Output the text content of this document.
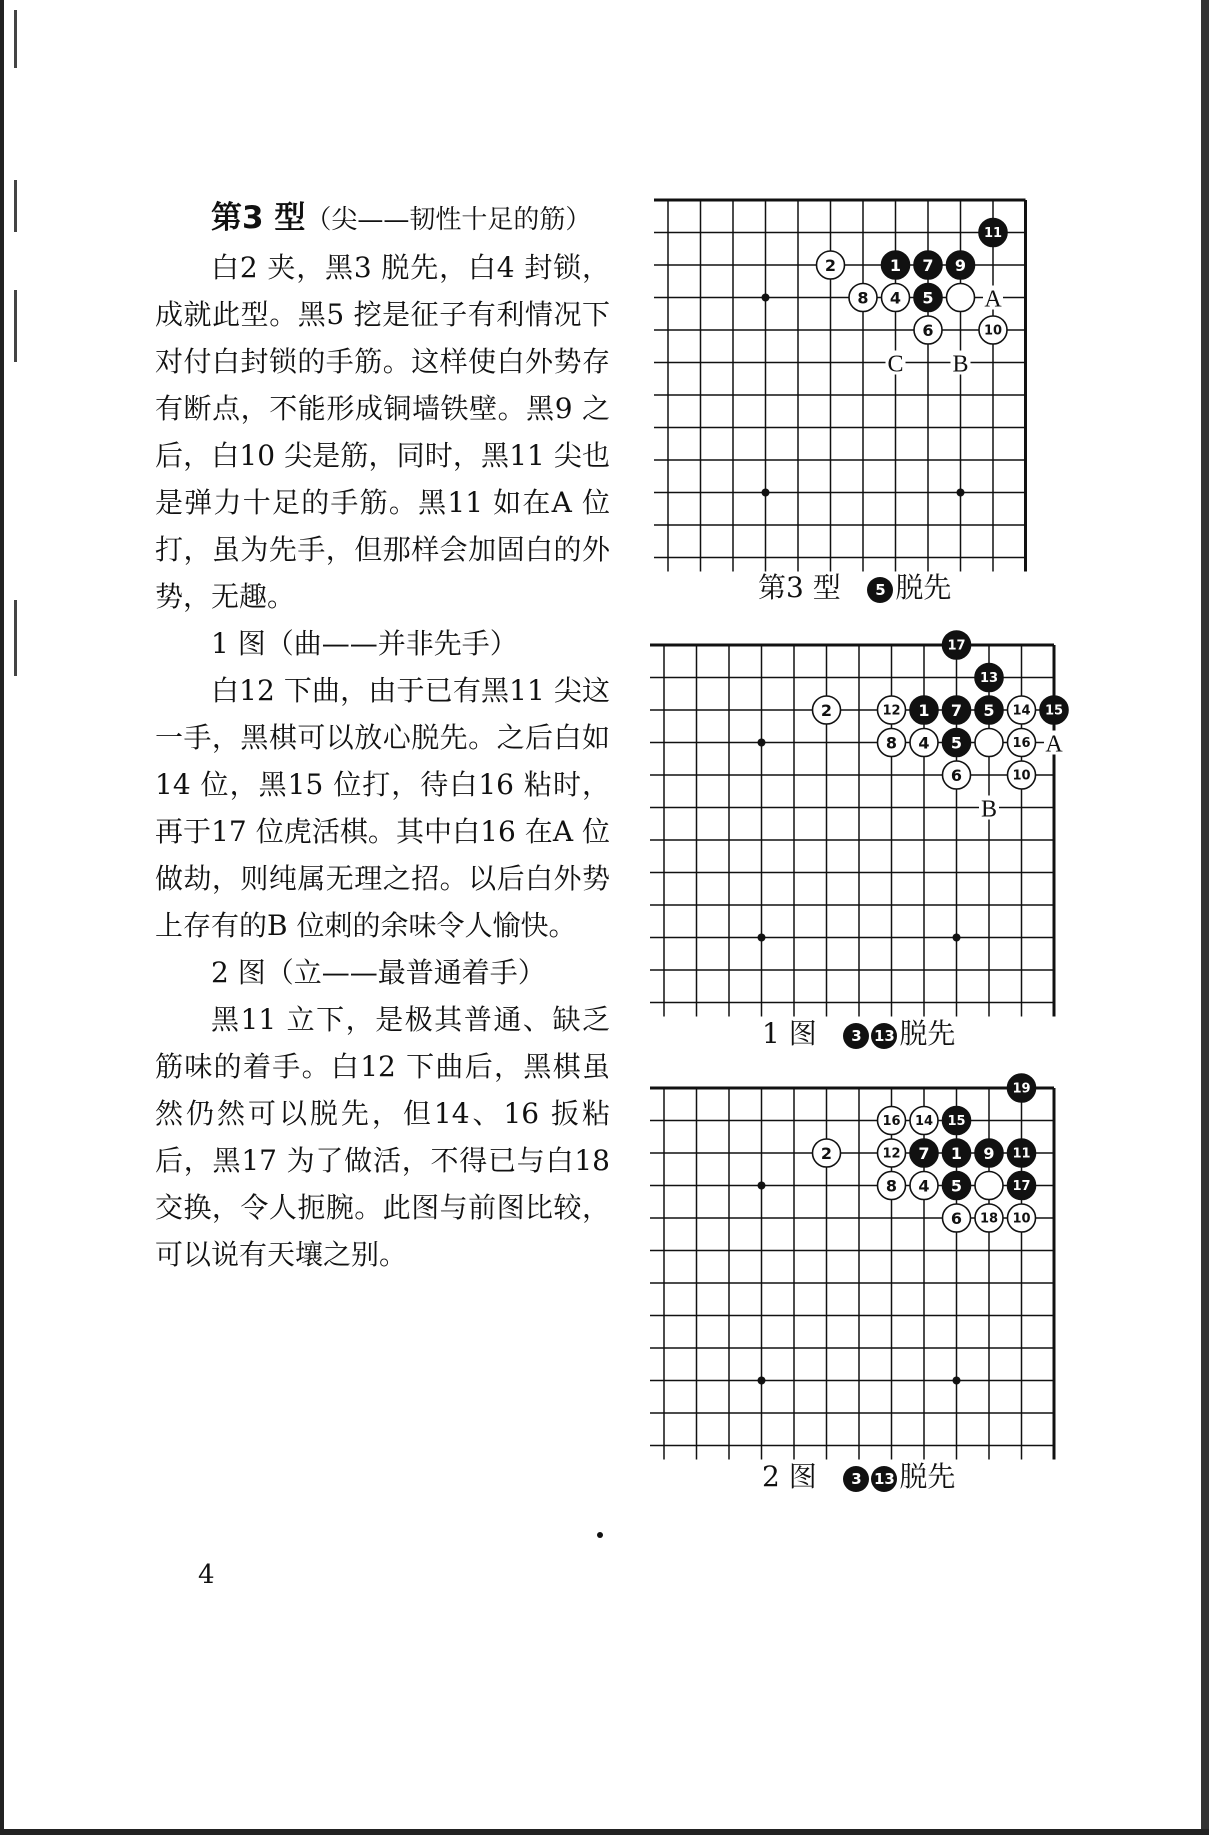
第3 型（尖——韧性十足的筋）

白2 夹，黑3 脱先，白4 封锁，成就此型。黑5 挖是征子有利情况下对付白封锁的手筋。这样使白外势存有断点，不能形成铜墙铁壁。黑9 之后，白10 尖是筋，同时，黑11 尖也是弹力十足的手筋。黑11 如在A 位打，虽为先手，但那样会加固白的外势，无趣。

1 图（曲——并非先手）

白12 下曲，由于已有黑11 尖这 一手，黑棋可以放心脱先。之后白如14 位，黑15 位打，待白16 粘时，再于17 位虎活棋。其中白16 在A 位做劫，则纯属无理之招。以后白外势上存有的B 位刺的余味令人愉快。

2 图（立——最普通着手）

黑11 立下，是极其普通、缺乏筋味的着手。白12 下曲后，黑棋虽然仍然可以脱先，但14、16 扳粘后，黑17 为了做活，不得已与白18 交换，令人扼腕。此图与前图比较，可以说有天壤之别。

4
A
C B
11
2	1 7 9
8 4 5
6	10
第3 型 5 脱先
A
B
17
13
2	12 1 7 5 14 15
8 4 5	16
6	10
1 图 3 13 脱先
19
16 14 15
2	12 7 1 9 11
8 4 5	17
6 18 10
2 图 3 13 脱先
